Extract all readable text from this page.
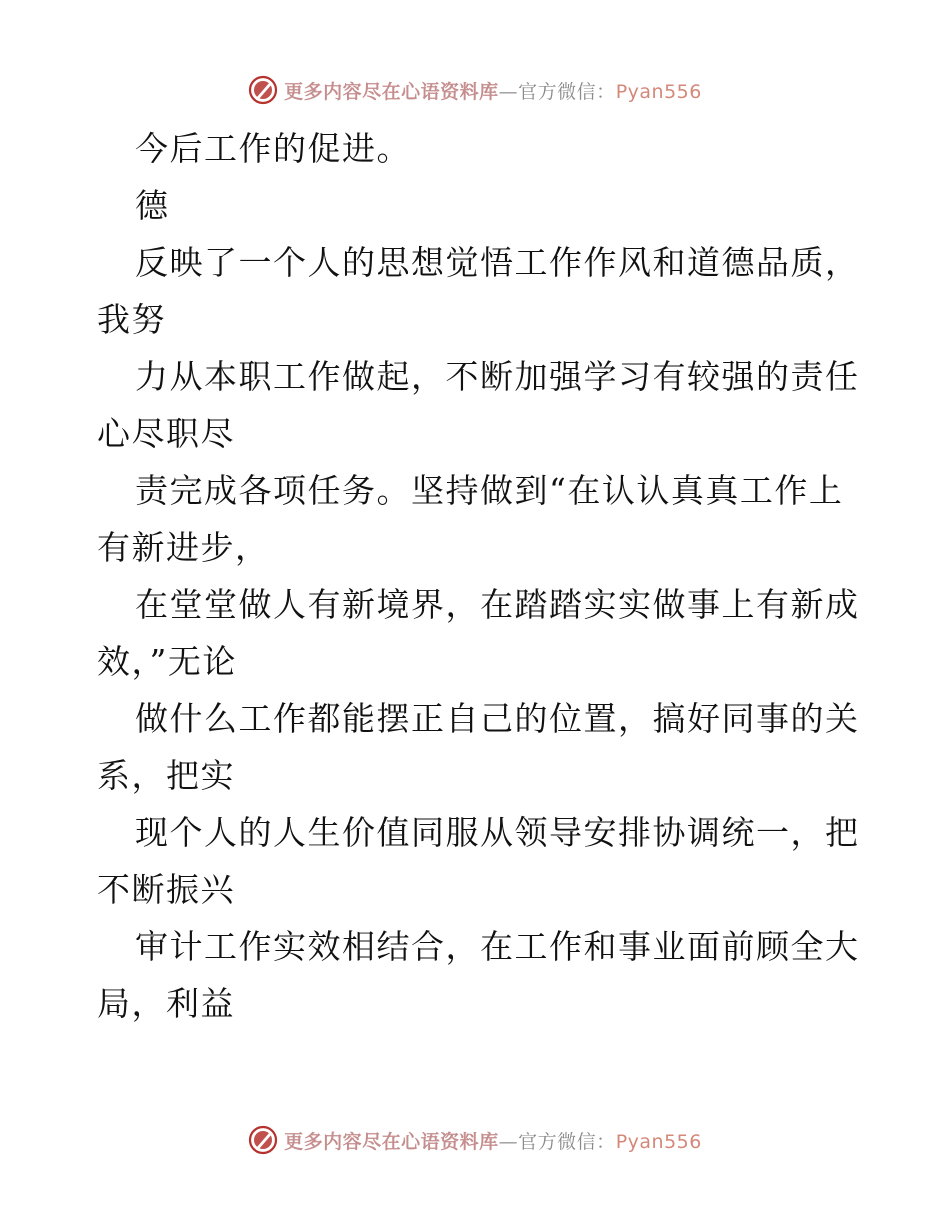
更多内容尽在心语资料库—官方微信：Pyan556
今后工作的促进。
德
反映了一个人的思想觉悟工作作风和道德品质，
我努
力从本职工作做起，不断加强学习有较强的责任
心尽职尽
责完成各项任务。坚持做到“在认认真真工作上
有新进步，
在堂堂做人有新境界，在踏踏实实做事上有新成
效，”无论
做什么工作都能摆正自己的位置，搞好同事的关
系，把实
现个人的人生价值同服从领导安排协调统一，把
不断振兴
审计工作实效相结合，在工作和事业面前顾全大
局，利益
更多内容尽在心语资料库—官方微信：Pyan556
